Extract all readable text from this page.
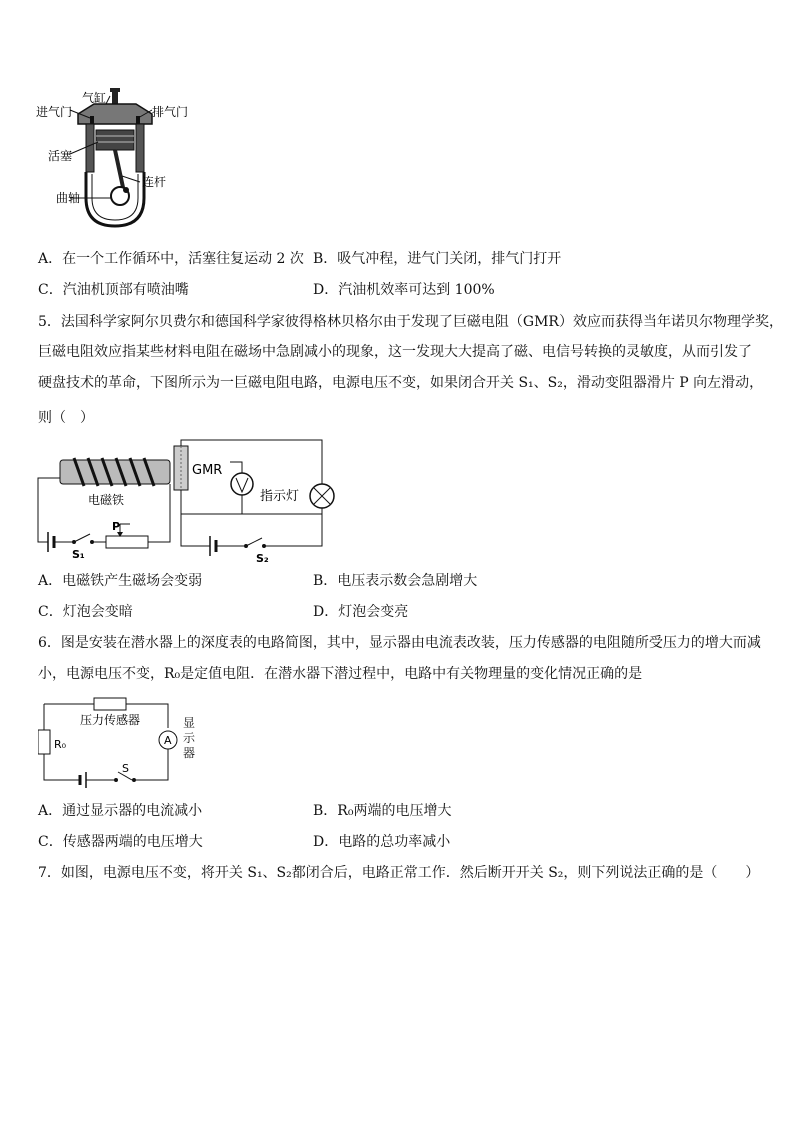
气缸
进气门	排气门
活塞
连杆
曲轴
A．在一个工作循环中，活塞往复运动 2 次 B．吸气冲程，进气门关闭，排气门打开
C．汽油机顶部有喷油嘴	D．汽油机效率可达到 100%
5．法国科学家阿尔贝费尔和德国科学家彼得格林贝格尔由于发现了巨磁电阻（GMR）效应而获得当年诺贝尔物理学奖，
巨磁电阻效应指某些材料电阻在磁场中急剧减小的现象，这一发现大大提高了磁、电信号转换的灵敏度，从而引发了
硬盘技术的革命，下图所示为一巨磁电阻电路，电源电压不变，如果闭合开关 S₁、S₂，滑动变阻器滑片 P 向左滑动，
则（　）
电磁铁
S₁
P
GMR
指示灯
S₂
A．电磁铁产生磁场会变弱	B．电压表示数会急剧增大
C．灯泡会变暗	D．灯泡会变亮
6．图是安装在潜水器上的深度表的电路简图，其中，显示器由电流表改装，压力传感器的电阻随所受压力的增大而减
小，电源电压不变，R₀是定值电阻．在潜水器下潜过程中，电路中有关物理量的变化情况正确的是
压力传感器
A
S
R₀
显示器
A．通过显示器的电流减小	B．R₀两端的电压增大
C．传感器两端的电压增大	D．电路的总功率减小
7．如图，电源电压不变，将开关 S₁、S₂都闭合后，电路正常工作．然后断开开关 S₂，则下列说法正确的是（　　）
